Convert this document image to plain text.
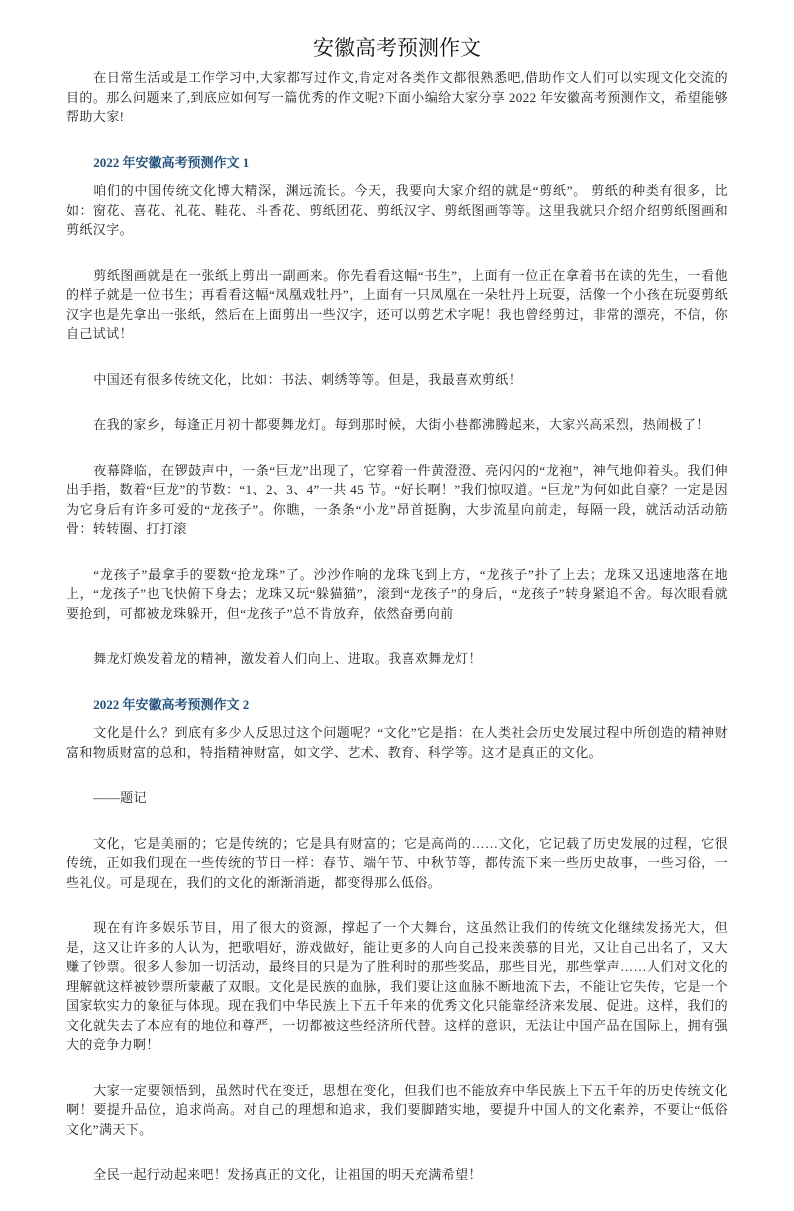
安徽高考预测作文

在日常生活或是工作学习中,大家都写过作文,肯定对各类作文都很熟悉吧,借助作文人们可以实现文化交流的目的。那么问题来了,到底应如何写一篇优秀的作文呢?下面小编给大家分享 2022 年安徽高考预测作文，希望能够帮助大家!

2022 年安徽高考预测作文 1

咱们的中国传统文化博大精深，渊远流长。今天，我要向大家介绍的就是“剪纸”。 剪纸的种类有很多，比如：窗花、喜花、礼花、鞋花、斗香花、剪纸团花、剪纸汉字、剪纸图画等等。这里我就只介绍介绍剪纸图画和剪纸汉字。

剪纸图画就是在一张纸上剪出一副画来。你先看看这幅“书生”，上面有一位正在拿着书在读的先生，一看他的样子就是一位书生；再看看这幅“凤凰戏牡丹”，上面有一只凤凰在一朵牡丹上玩耍，活像一个小孩在玩耍剪纸汉字也是先拿出一张纸，然后在上面剪出一些汉字，还可以剪艺术字呢！我也曾经剪过，非常的漂亮，不信，你自己试试！

中国还有很多传统文化，比如：书法、刺绣等等。但是，我最喜欢剪纸！

在我的家乡，每逢正月初十都要舞龙灯。每到那时候，大街小巷都沸腾起来，大家兴高采烈，热闹极了！

夜幕降临，在锣鼓声中，一条“巨龙”出现了，它穿着一件黄澄澄、亮闪闪的“龙袍”，神气地仰着头。我们伸出手指，数着“巨龙”的节数：“1、2、3、4”一共 45 节。“好长啊！”我们惊叹道。“巨龙”为何如此自豪？一定是因为它身后有许多可爱的“龙孩子”。你瞧，一条条“小龙”昂首挺胸，大步流星向前走，每隔一段，就活动活动筋骨：转转圈、打打滚

“龙孩子”最拿手的要数“抢龙珠”了。沙沙作响的龙珠飞到上方，“龙孩子”扑了上去；龙珠又迅速地落在地上，“龙孩子”也飞快俯下身去；龙珠又玩“躲猫猫”，滚到“龙孩子”的身后，“龙孩子”转身紧追不舍。每次眼看就要抢到，可都被龙珠躲开，但“龙孩子”总不肯放弃，依然奋勇向前

舞龙灯焕发着龙的精神，激发着人们向上、进取。我喜欢舞龙灯！

2022 年安徽高考预测作文 2

文化是什么？到底有多少人反思过这个问题呢？“文化”它是指：在人类社会历史发展过程中所创造的精神财富和物质财富的总和，特指精神财富，如文学、艺术、教育、科学等。这才是真正的文化。

——题记

文化，它是美丽的；它是传统的；它是具有财富的；它是高尚的……文化，它记载了历史发展的过程，它很传统，正如我们现在一些传统的节日一样：春节、端午节、中秋节等，都传流下来一些历史故事，一些习俗，一些礼仪。可是现在，我们的文化的渐渐消逝，都变得那么低俗。

现在有许多娱乐节目，用了很大的资源，撑起了一个大舞台，这虽然让我们的传统文化继续发扬光大，但是，这又让许多的人认为，把歌唱好，游戏做好，能让更多的人向自己投来羡慕的目光，又让自己出名了，又大赚了钞票。很多人参加一切活动，最终目的只是为了胜利时的那些奖品，那些目光，那些掌声……人们对文化的理解就这样被钞票所蒙蔽了双眼。文化是民族的血脉，我们要让这血脉不断地流下去，不能让它失传，它是一个国家软实力的象征与体现。现在我们中华民族上下五千年来的优秀文化只能靠经济来发展、促进。这样，我们的文化就失去了本应有的地位和尊严，一切都被这些经济所代替。这样的意识，无法让中国产品在国际上，拥有强大的竞争力啊！

大家一定要领悟到，虽然时代在变迁，思想在变化，但我们也不能放弃中华民族上下五千年的历史传统文化啊！要提升品位，追求尚高。对自己的理想和追求，我们要脚踏实地，要提升中国人的文化素养，不要让“低俗文化”满天下。

全民一起行动起来吧！发扬真正的文化，让祖国的明天充满希望！
